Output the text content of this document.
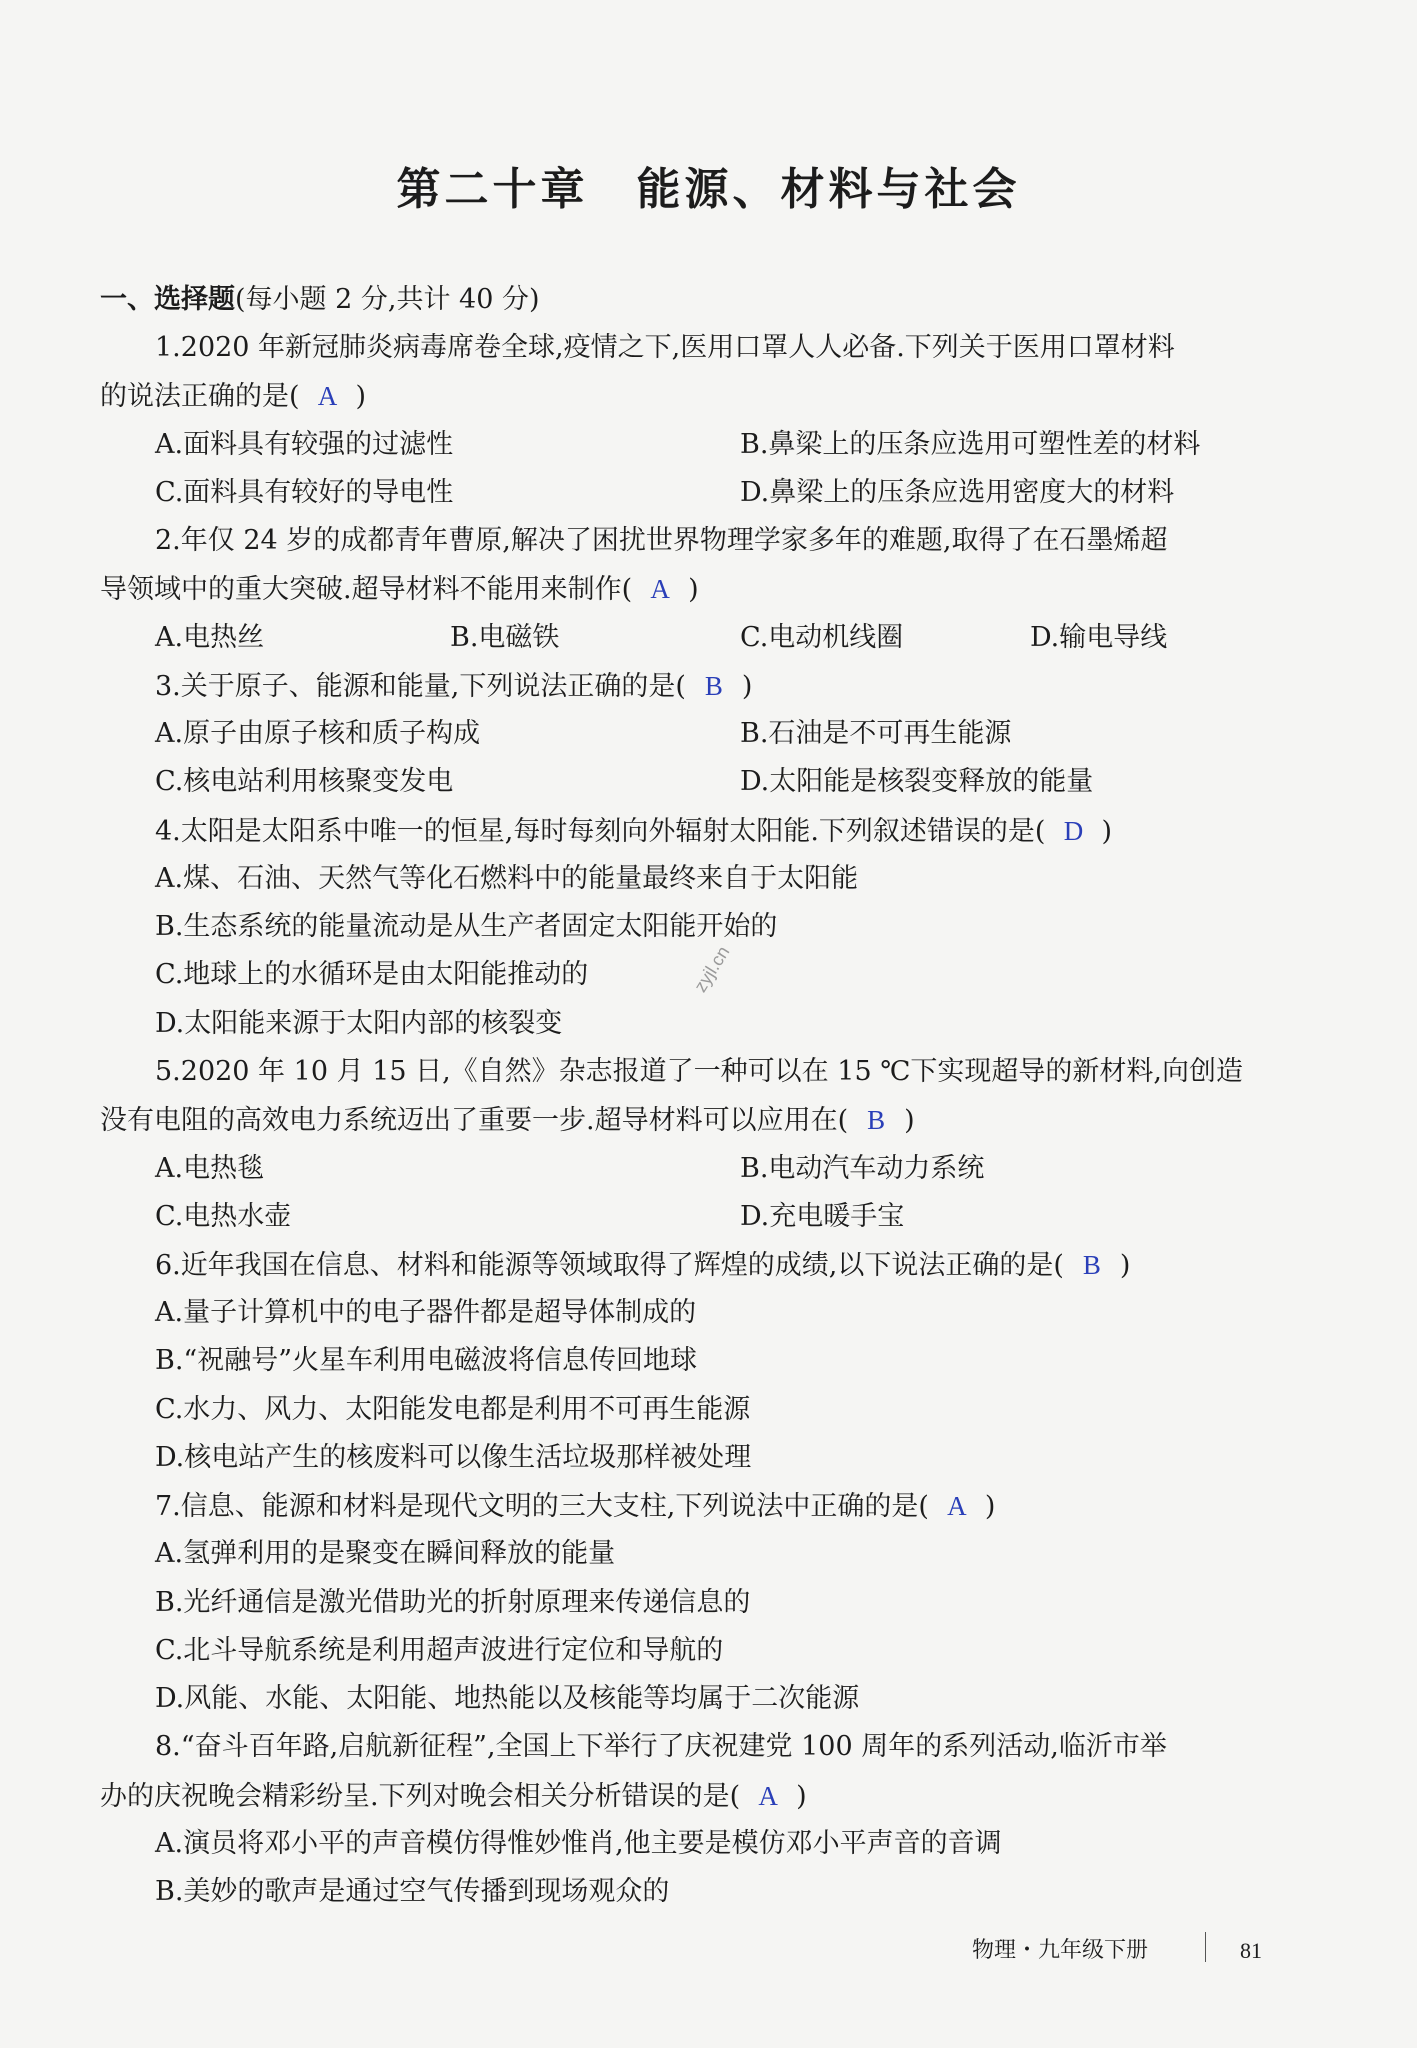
第二十章　能源、材料与社会
一、选择题(每小题 2 分,共计 40 分)
1.2020 年新冠肺炎病毒席卷全球,疫情之下,医用口罩人人必备.下列关于医用口罩材料
的说法正确的是( A )
A.面料具有较强的过滤性	B.鼻梁上的压条应选用可塑性差的材料
C.面料具有较好的导电性	D.鼻梁上的压条应选用密度大的材料
2.年仅 24 岁的成都青年曹原,解决了困扰世界物理学家多年的难题,取得了在石墨烯超
导领域中的重大突破.超导材料不能用来制作( A )
A.电热丝	B.电磁铁	C.电动机线圈	D.输电导线
3.关于原子、能源和能量,下列说法正确的是( B )
A.原子由原子核和质子构成	B.石油是不可再生能源
C.核电站利用核聚变发电	D.太阳能是核裂变释放的能量
4.太阳是太阳系中唯一的恒星,每时每刻向外辐射太阳能.下列叙述错误的是( D )
A.煤、石油、天然气等化石燃料中的能量最终来自于太阳能
B.生态系统的能量流动是从生产者固定太阳能开始的
C.地球上的水循环是由太阳能推动的
D.太阳能来源于太阳内部的核裂变
zyjl.cn
5.2020 年 10 月 15 日,《自然》杂志报道了一种可以在 15 ℃下实现超导的新材料,向创造
没有电阻的高效电力系统迈出了重要一步.超导材料可以应用在( B )
A.电热毯	B.电动汽车动力系统
C.电热水壶	D.充电暖手宝
6.近年我国在信息、材料和能源等领域取得了辉煌的成绩,以下说法正确的是( B )
A.量子计算机中的电子器件都是超导体制成的
B.“祝融号”火星车利用电磁波将信息传回地球
C.水力、风力、太阳能发电都是利用不可再生能源
D.核电站产生的核废料可以像生活垃圾那样被处理
7.信息、能源和材料是现代文明的三大支柱,下列说法中正确的是( A )
A.氢弹利用的是聚变在瞬间释放的能量
B.光纤通信是激光借助光的折射原理来传递信息的
C.北斗导航系统是利用超声波进行定位和导航的
D.风能、水能、太阳能、地热能以及核能等均属于二次能源
8.“奋斗百年路,启航新征程”,全国上下举行了庆祝建党 100 周年的系列活动,临沂市举
办的庆祝晚会精彩纷呈.下列对晚会相关分析错误的是( A )
A.演员将邓小平的声音模仿得惟妙惟肖,他主要是模仿邓小平声音的音调
B.美妙的歌声是通过空气传播到现场观众的
物理・九年级下册	81
